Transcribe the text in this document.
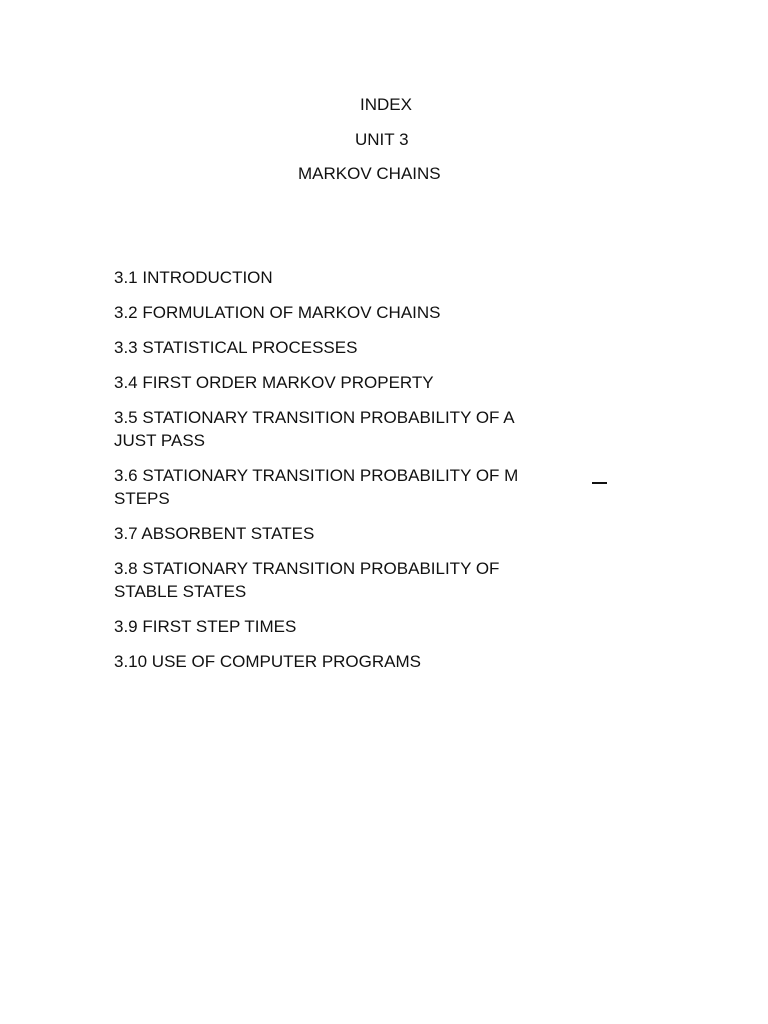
INDEX

UNIT 3

MARKOV CHAINS

3.1 INTRODUCTION
3.2 FORMULATION OF MARKOV CHAINS
3.3 STATISTICAL PROCESSES
3.4 FIRST ORDER MARKOV PROPERTY
3.5 STATIONARY TRANSITION PROBABILITY OF A JUST PASS
3.6 STATIONARY TRANSITION PROBABILITY OF M STEPS
3.7 ABSORBENT STATES
3.8 STATIONARY TRANSITION PROBABILITY OF STABLE STATES
3.9 FIRST STEP TIMES
3.10 USE OF COMPUTER PROGRAMS
